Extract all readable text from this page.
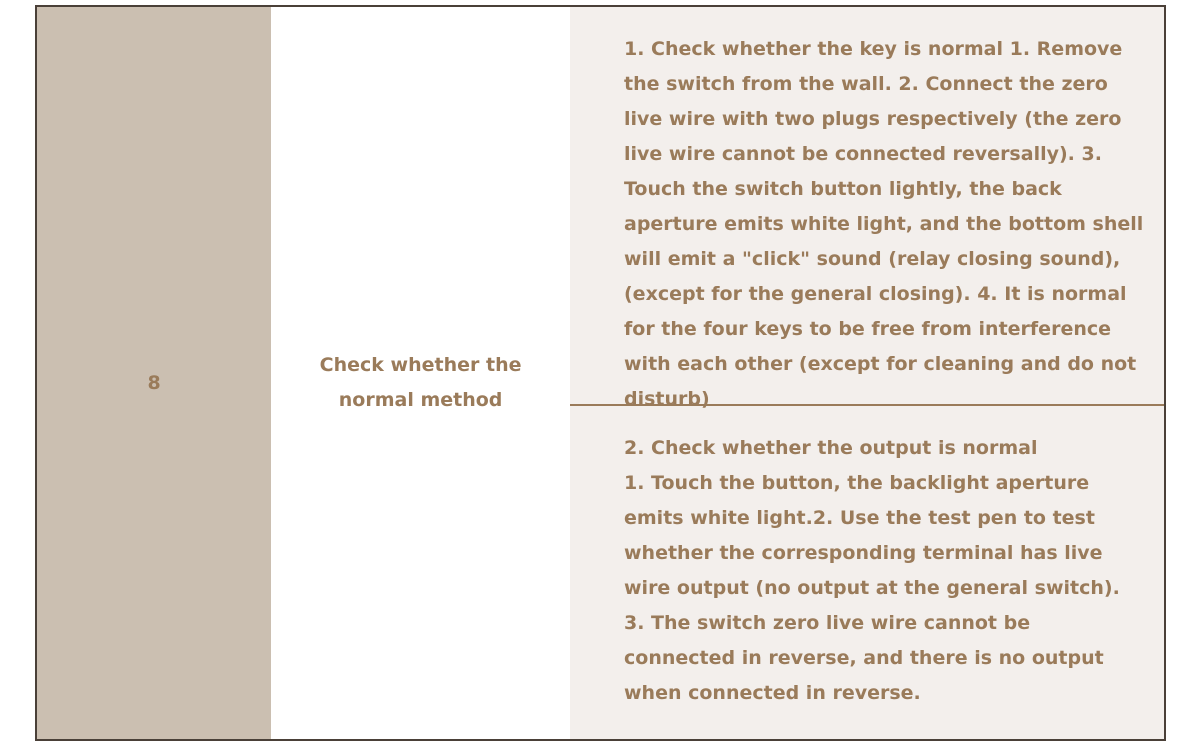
8
Check whether the normal method

1. Check whether the key is normal 1. Remove the switch from the wall. 2. Connect the zero live wire with two plugs respectively (the zero live wire cannot be connected reversally). 3. Touch the switch button lightly, the back aperture emits white light, and the bottom shell will emit a "click" sound (relay closing sound), (except for the general closing). 4. It is normal for the four keys to be free from interference with each other (except for cleaning and do not disturb)

2. Check whether the output is normal
1. Touch the button, the backlight aperture emits white light.2. Use the test pen to test whether the corresponding terminal has live wire output (no output at the general switch).
3. The switch zero live wire cannot be connected in reverse, and there is no output when connected in reverse.
